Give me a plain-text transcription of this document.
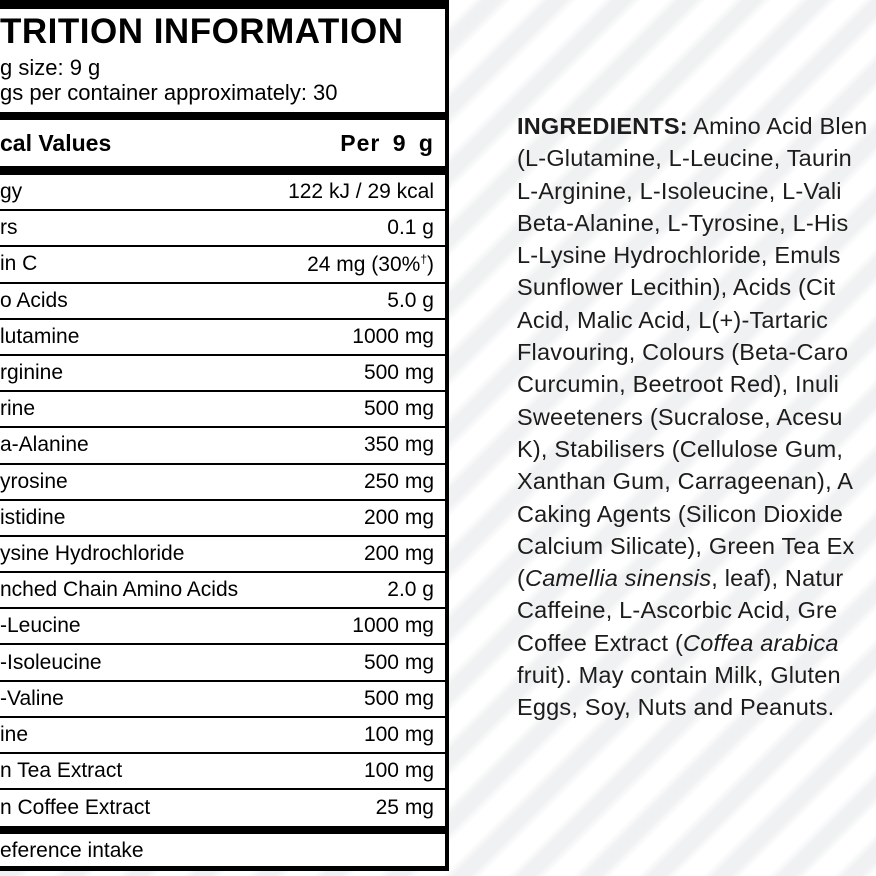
TRITION INFORMATION
g size: 9 g
gs per container approximately: 30
cal Values	Per 9 g
gy	122 kJ / 29 kcal
rs	0.1 g
in C	24 mg (30%†)
o Acids	5.0 g
lutamine	1000 mg
rginine	500 mg
rine	500 mg
a-Alanine	350 mg
yrosine	250 mg
istidine	200 mg
ysine Hydrochloride	200 mg
nched Chain Amino Acids	2.0 g
-Leucine	1000 mg
-Isoleucine	500 mg
-Valine	500 mg
ine	100 mg
n Tea Extract	100 mg
n Coffee Extract	25 mg
eference intake
INGREDIENTS: Amino Acid Blen
(L-Glutamine, L-Leucine, Taurin
L-Arginine, L-Isoleucine, L-Vali
Beta-Alanine, L-Tyrosine, L-His
L-Lysine Hydrochloride, Emuls
Sunflower Lecithin), Acids (Cit
Acid, Malic Acid, L(+)-Tartaric
Flavouring, Colours (Beta-Caro
Curcumin, Beetroot Red), Inuli
Sweeteners (Sucralose, Acesu
K), Stabilisers (Cellulose Gum,
Xanthan Gum, Carrageenan), A
Caking Agents (Silicon Dioxide
Calcium Silicate), Green Tea Ex
(Camellia sinensis, leaf), Natur
Caffeine, L-Ascorbic Acid, Gre
Coffee Extract (Coffea arabica
fruit). May contain Milk, Gluten
Eggs, Soy, Nuts and Peanuts.
